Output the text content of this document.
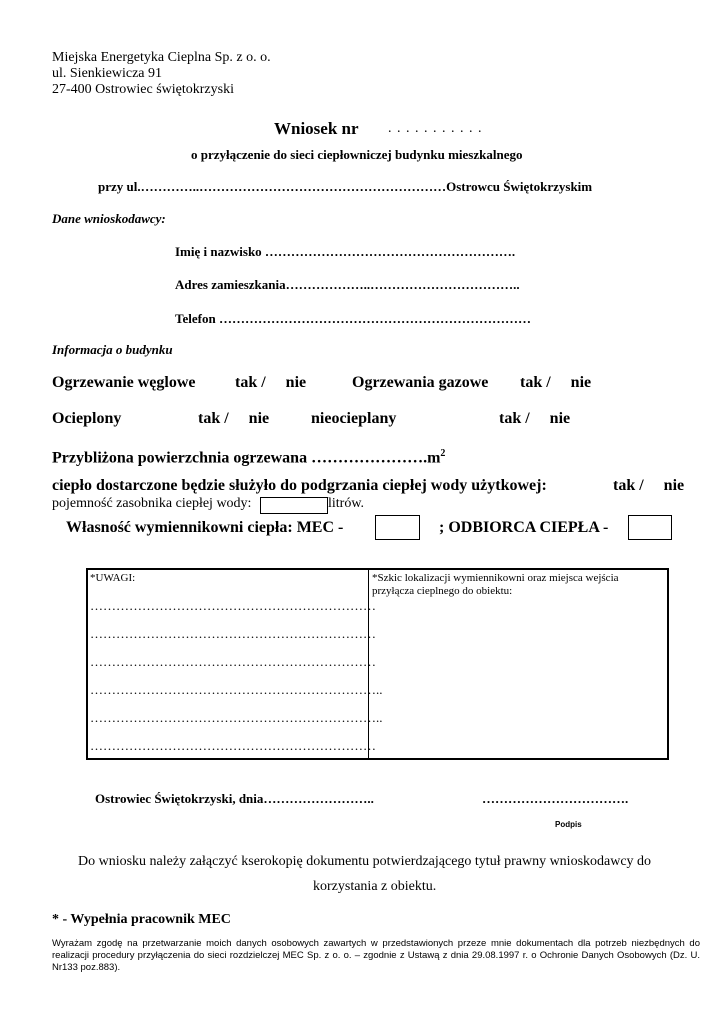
Miejska Energetyka Cieplna Sp. z o. o.
ul. Sienkiewicza 91
27-400 Ostrowiec świętokrzyski
Wniosek nr . . . . . . . . . . .
o przyłączenie do sieci ciepłowniczej budynku mieszkalnego
przy ul.…………..…………………………………………………Ostrowcu Świętokrzyskim
Dane wnioskodawcy:
Imię i nazwisko ………………………………………………….
Adres zamieszkania………………..……………………………..
Telefon ………………………………………………………………
Informacja o budynku
Ogrzewanie węglowe tak /     nie	Ogrzewania gazowe tak /     nie
Ocieplony	tak /     nie	nieocieplany	tak /     nie
Przybliżona powierzchnia ogrzewana $\dots\dots\dots\dots\dots\dots\dots.m^2$
ciepło dostarczone będzie służyło do podgrzania ciepłej wody użytkowej:	tak /     nie
pojemność zasobnika ciepłej wody:	litrów.
Własność wymiennikowni ciepła: MEC -	; ODBIORCA CIEPŁA -
*UWAGI:
…………………………………………………………
…………………………………………………………
…………………………………………………………
…………………………………………………………..
…………………………………………………………..
…………………………………………………………
*Szkic lokalizacji wymiennikowni oraz miejsca wejścia przyłącza cieplnego do obiektu:
Ostrowiec Świętokrzyski, dnia……………………..	…………………………….
Podpis
Do wniosku należy załączyć kserokopię dokumentu potwierdzającego tytuł prawny wnioskodawcy do
korzystania z obiektu.
* - Wypełnia pracownik MEC
Wyrażam zgodę na przetwarzanie moich danych osobowych zawartych w przedstawionych przeze mnie dokumentach dla potrzeb niezbędnych do realizacji procedury przyłączenia do sieci rozdzielczej MEC Sp. z o. o. – zgodnie z Ustawą z dnia 29.08.1997 r. o Ochronie Danych Osobowych (Dz. U. Nr133 poz.883).
